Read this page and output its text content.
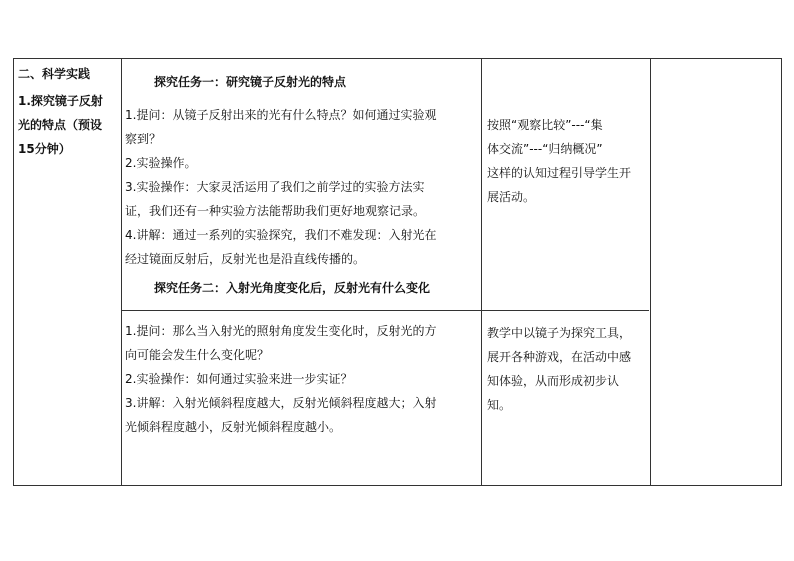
二、科学实践
1.探究镜子反射
光的特点（预设
15分钟）
探究任务一：研究镜子反射光的特点
1.提问：从镜子反射出来的光有什么特点？如何通过实验观
察到？
2.实验操作。
3.实验操作：大家灵活运用了我们之前学过的实验方法实
证，我们还有一种实验方法能帮助我们更好地观察记录。
4.讲解：通过一系列的实验探究，我们不难发现：入射光在
经过镜面反射后，反射光也是沿直线传播的。
探究任务二：入射光角度变化后，反射光有什么变化
1.提问：那么当入射光的照射角度发生变化时，反射光的方
向可能会发生什么变化呢？
2.实验操作：如何通过实验来进一步实证？
3.讲解：入射光倾斜程度越大，反射光倾斜程度越大；入射
光倾斜程度越小，反射光倾斜程度越小。
按照“观察比较”---“集
体交流”---“归纳概况”
这样的认知过程引导学生开
展活动。
教学中以镜子为探究工具，
展开各种游戏，在活动中感
知体验，从而形成初步认
知。
